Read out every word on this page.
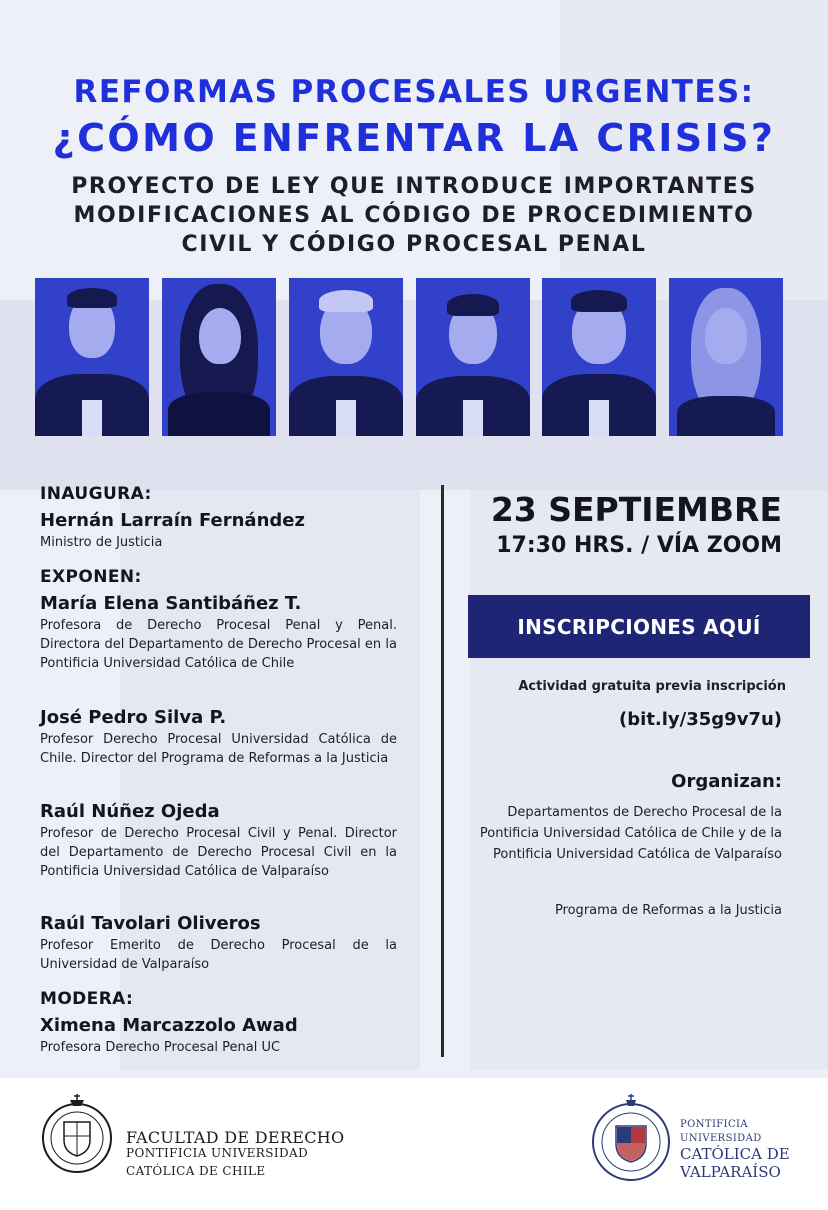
REFORMAS PROCESALES URGENTES:
¿CÓMO ENFRENTAR LA CRISIS?
PROYECTO DE LEY QUE INTRODUCE IMPORTANTES
MODIFICACIONES AL CÓDIGO DE PROCEDIMIENTO
CIVIL Y CÓDIGO PROCESAL PENAL
INAUGURA:
Hernán Larraín Fernández
Ministro de Justicia
EXPONEN:
María Elena Santibáñez T.
Profesora de Derecho Procesal Penal y Penal. Directora del Departamento de Derecho Procesal en la Pontificia Universidad Católica de Chile
José Pedro Silva P.
Profesor Derecho Procesal Universidad Católica de Chile. Director del Programa de Reformas a la Justicia
Raúl Núñez Ojeda
Profesor de Derecho Procesal Civil y Penal. Director del Departamento de Derecho Procesal Civil en la Pontificia Universidad Católica de Valparaíso
Raúl Tavolari Oliveros
Profesor Emerito de Derecho Procesal de la Universidad de Valparaíso
MODERA:
Ximena Marcazzolo Awad
Profesora Derecho Procesal Penal UC
23 SEPTIEMBRE
17:30 HRS. / VÍA ZOOM
INSCRIPCIONES AQUÍ
Actividad gratuita previa inscripción
(bit.ly/35g9v7u)
Organizan:
Departamentos de Derecho Procesal de la Pontificia Universidad Católica de Chile y de la Pontificia Universidad Católica de Valparaíso
Programa de Reformas a la Justicia
FACULTAD DE DERECHO
PONTIFICIA UNIVERSIDAD
CATÓLICA DE CHILE
PONTIFICIA
UNIVERSIDAD
CATÓLICA DE
VALPARAÍSO
